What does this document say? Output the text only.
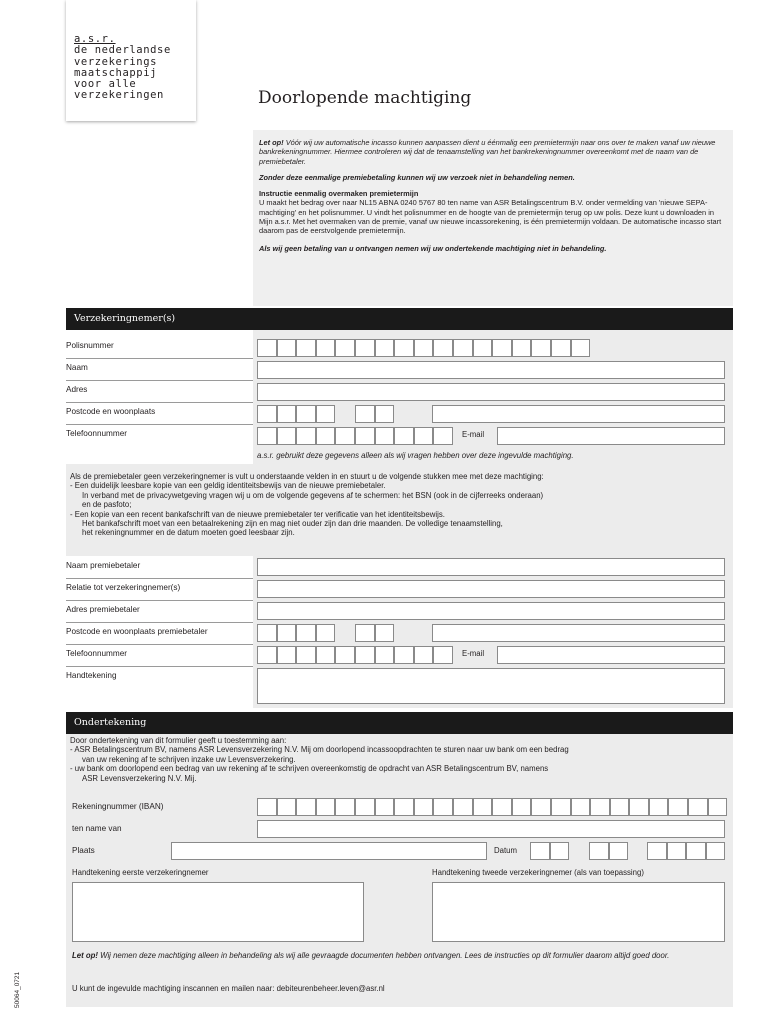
a.s.r.
de nederlandse
verzekerings
maatschappij
voor alle
verzekeringen	Doorlopende machtiging

Let op! Vóór wij uw automatische incasso kunnen aanpassen dient u éénmalig een premietermijn naar ons over te maken vanaf uw nieuwe bankrekeningnummer. Hiermee controleren wij dat de tenaamstelling van het bankrekeningnummer overeenkomt met de naam van de premiebetaler.

Zonder deze eenmalige premiebetaling kunnen wij uw verzoek niet in behandeling nemen.

Instructie eenmalig overmaken premietermijn

U maakt het bedrag over naar NL15 ABNA 0240 5767 80 ten name van ASR Betalingscentrum B.V. onder vermelding van 'nieuwe SEPA-machtiging' en het polisnummer. U vindt het polisnummer en de hoogte van de premietermijn terug op uw polis. Deze kunt u downloaden in Mijn a.s.r. Met het overmaken van de premie, vanaf uw nieuwe incassorekening, is één premietermijn voldaan. De automatische incasso start daarom pas de eerstvolgende premietermijn.

Als wij geen betaling van u ontvangen nemen wij uw ondertekende machtiging niet in behandeling.

Verzekeringnemer(s)
Polisnummer
Naam
Adres
Postcode en woonplaats
Telefoonnummer	E-mail
a.s.r. gebruikt deze gegevens alleen als wij vragen hebben over deze ingevulde machtiging.
Als de premiebetaler geen verzekeringnemer is vult u onderstaande velden in en stuurt u de volgende stukken mee met deze machtiging:
- Een duidelijk leesbare kopie van een geldig identiteitsbewijs van de nieuwe premiebetaler.
In verband met de privacywetgeving vragen wij u om de volgende gegevens af te schermen: het BSN (ook in de cijferreeks onderaan)
en de pasfoto;
- Een kopie van een recent bankafschrift van de nieuwe premiebetaler ter verificatie van het identiteitsbewijs.
Het bankafschrift moet van een betaalrekening zijn en mag niet ouder zijn dan drie maanden. De volledige tenaamstelling,
het rekeningnummer en de datum moeten goed leesbaar zijn.
Naam premiebetaler
Relatie tot verzekeringnemer(s)
Adres premiebetaler
Postcode en woonplaats premiebetaler
Telefoonnummer	E-mail
Handtekening
Ondertekening
Door ondertekening van dit formulier geeft u toestemming aan:
- ASR Betalingscentrum BV, namens ASR Levensverzekering N.V. Mij om doorlopend incassoopdrachten te sturen naar uw bank om een bedrag
van uw rekening af te schrijven inzake uw Levensverzekering.
- uw bank om doorlopend een bedrag van uw rekening af te schrijven overeenkomstig de opdracht van ASR Betalingscentrum BV, namens
ASR Levensverzekering N.V. Mij.
Rekeningnummer (IBAN)
ten name van
Plaats	Datum
Handtekening eerste verzekeringnemer	Handtekening tweede verzekeringnemer (als van toepassing)
Let op! Wij nemen deze machtiging alleen in behandeling als wij alle gevraagde documenten hebben ontvangen. Lees de instructies op dit formulier daarom altijd goed door.
U kunt de ingevulde machtiging inscannen en mailen naar: debiteurenbeheer.leven@asr.nl
50064_0721
